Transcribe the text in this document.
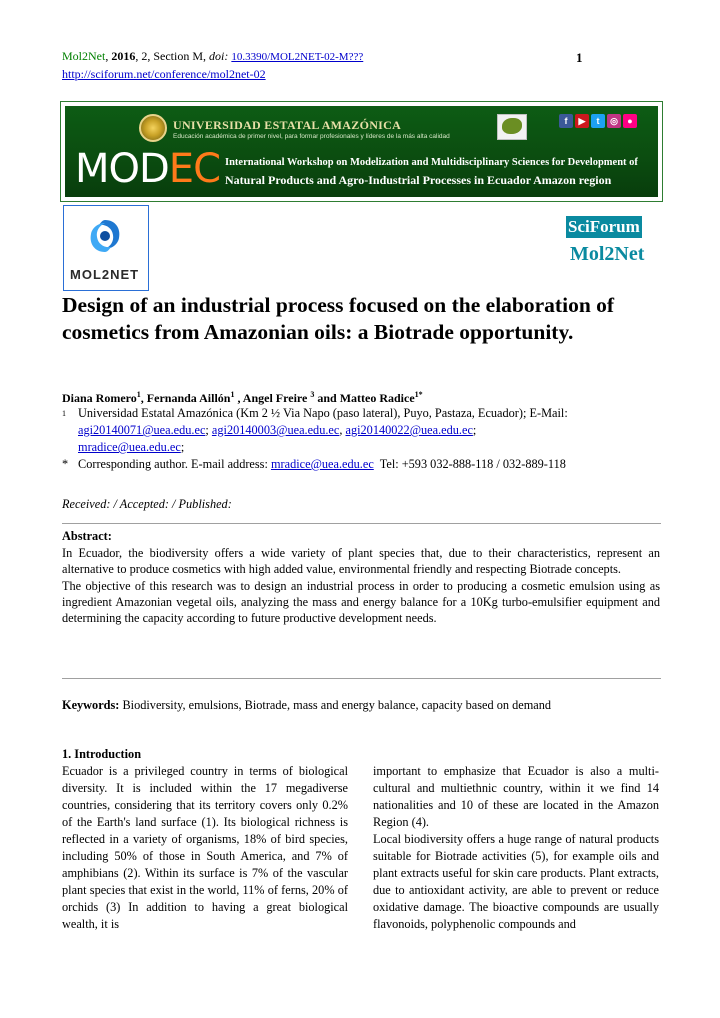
Mol2Net, 2016, 2, Section M, doi: 10.3390/MOL2NET-02-M???
http://sciforum.net/conference/mol2net-02
1
UNIVERSIDAD ESTATAL AMAZÓNICA
Educación académica de primer nivel, para formar profesionales y líderes de la más alta calidad
f	▶	t	◎	●
MODEC International Workshop on Modelization and Multidisciplinary Sciences for Development of
Natural Products and Agro-Industrial Processes in Ecuador Amazon region
MOL2NET
SciForum
Mol2Net
Design of an industrial process focused on the elaboration of cosmetics from Amazonian oils: a Biotrade opportunity.
Diana Romero$^1$, Fernanda Aillón$^1$ , Angel Freire $^3$ and Matteo Radice$^{1*}$
1 Universidad Estatal Amazónica (Km 2 ½ Via Napo (paso lateral), Puyo, Pastaza, Ecuador); E-Mail:
agi20140071@uea.edu.ec; agi20140003@uea.edu.ec, agi20140022@uea.edu.ec;
mradice@uea.edu.ec;
* Corresponding author. E-mail address: mradice@uea.edu.ec  Tel: +593 032-888-118 / 032-889-118
Received: / Accepted: / Published:
Abstract:

In Ecuador, the biodiversity offers a wide variety of plant species that, due to their characteristics, represent an alternative to produce cosmetics with high added value, environmental friendly and respecting Biotrade concepts.

The objective of this research was to design an industrial process in order to producing a cosmetic emulsion using as ingredient Amazonian vegetal oils, analyzing the mass and energy balance for a 10Kg turbo-emulsifier equipment and determining the capacity according to future productive development needs.

Keywords: Biodiversity, emulsions, Biotrade, mass and energy balance, capacity based on demand
1. Introduction

Ecuador is a privileged country in terms of biological diversity. It is included within the 17 megadiverse countries, considering that its territory covers only 0.2% of the Earth's land surface (1). Its biological richness is reflected in a variety of organisms, 18% of bird species, including 50% of those in South America, and 7% of amphibians (2). Within its surface is 7% of the vascular plant species that exist in the world, 11% of ferns, 20% of orchids (3) In addition to having a great biological wealth, it is

important to emphasize that Ecuador is also a multi-cultural and multiethnic country, within it we find 14 nationalities and 10 of these are located in the Amazon Region (4).

Local biodiversity offers a huge range of natural products suitable for Biotrade activities (5), for example oils and plant extracts useful for skin care products. Plant extracts, due to antioxidant activity, are able to prevent or reduce oxidative damage. The bioactive compounds are usually flavonoids, polyphenolic compounds and
